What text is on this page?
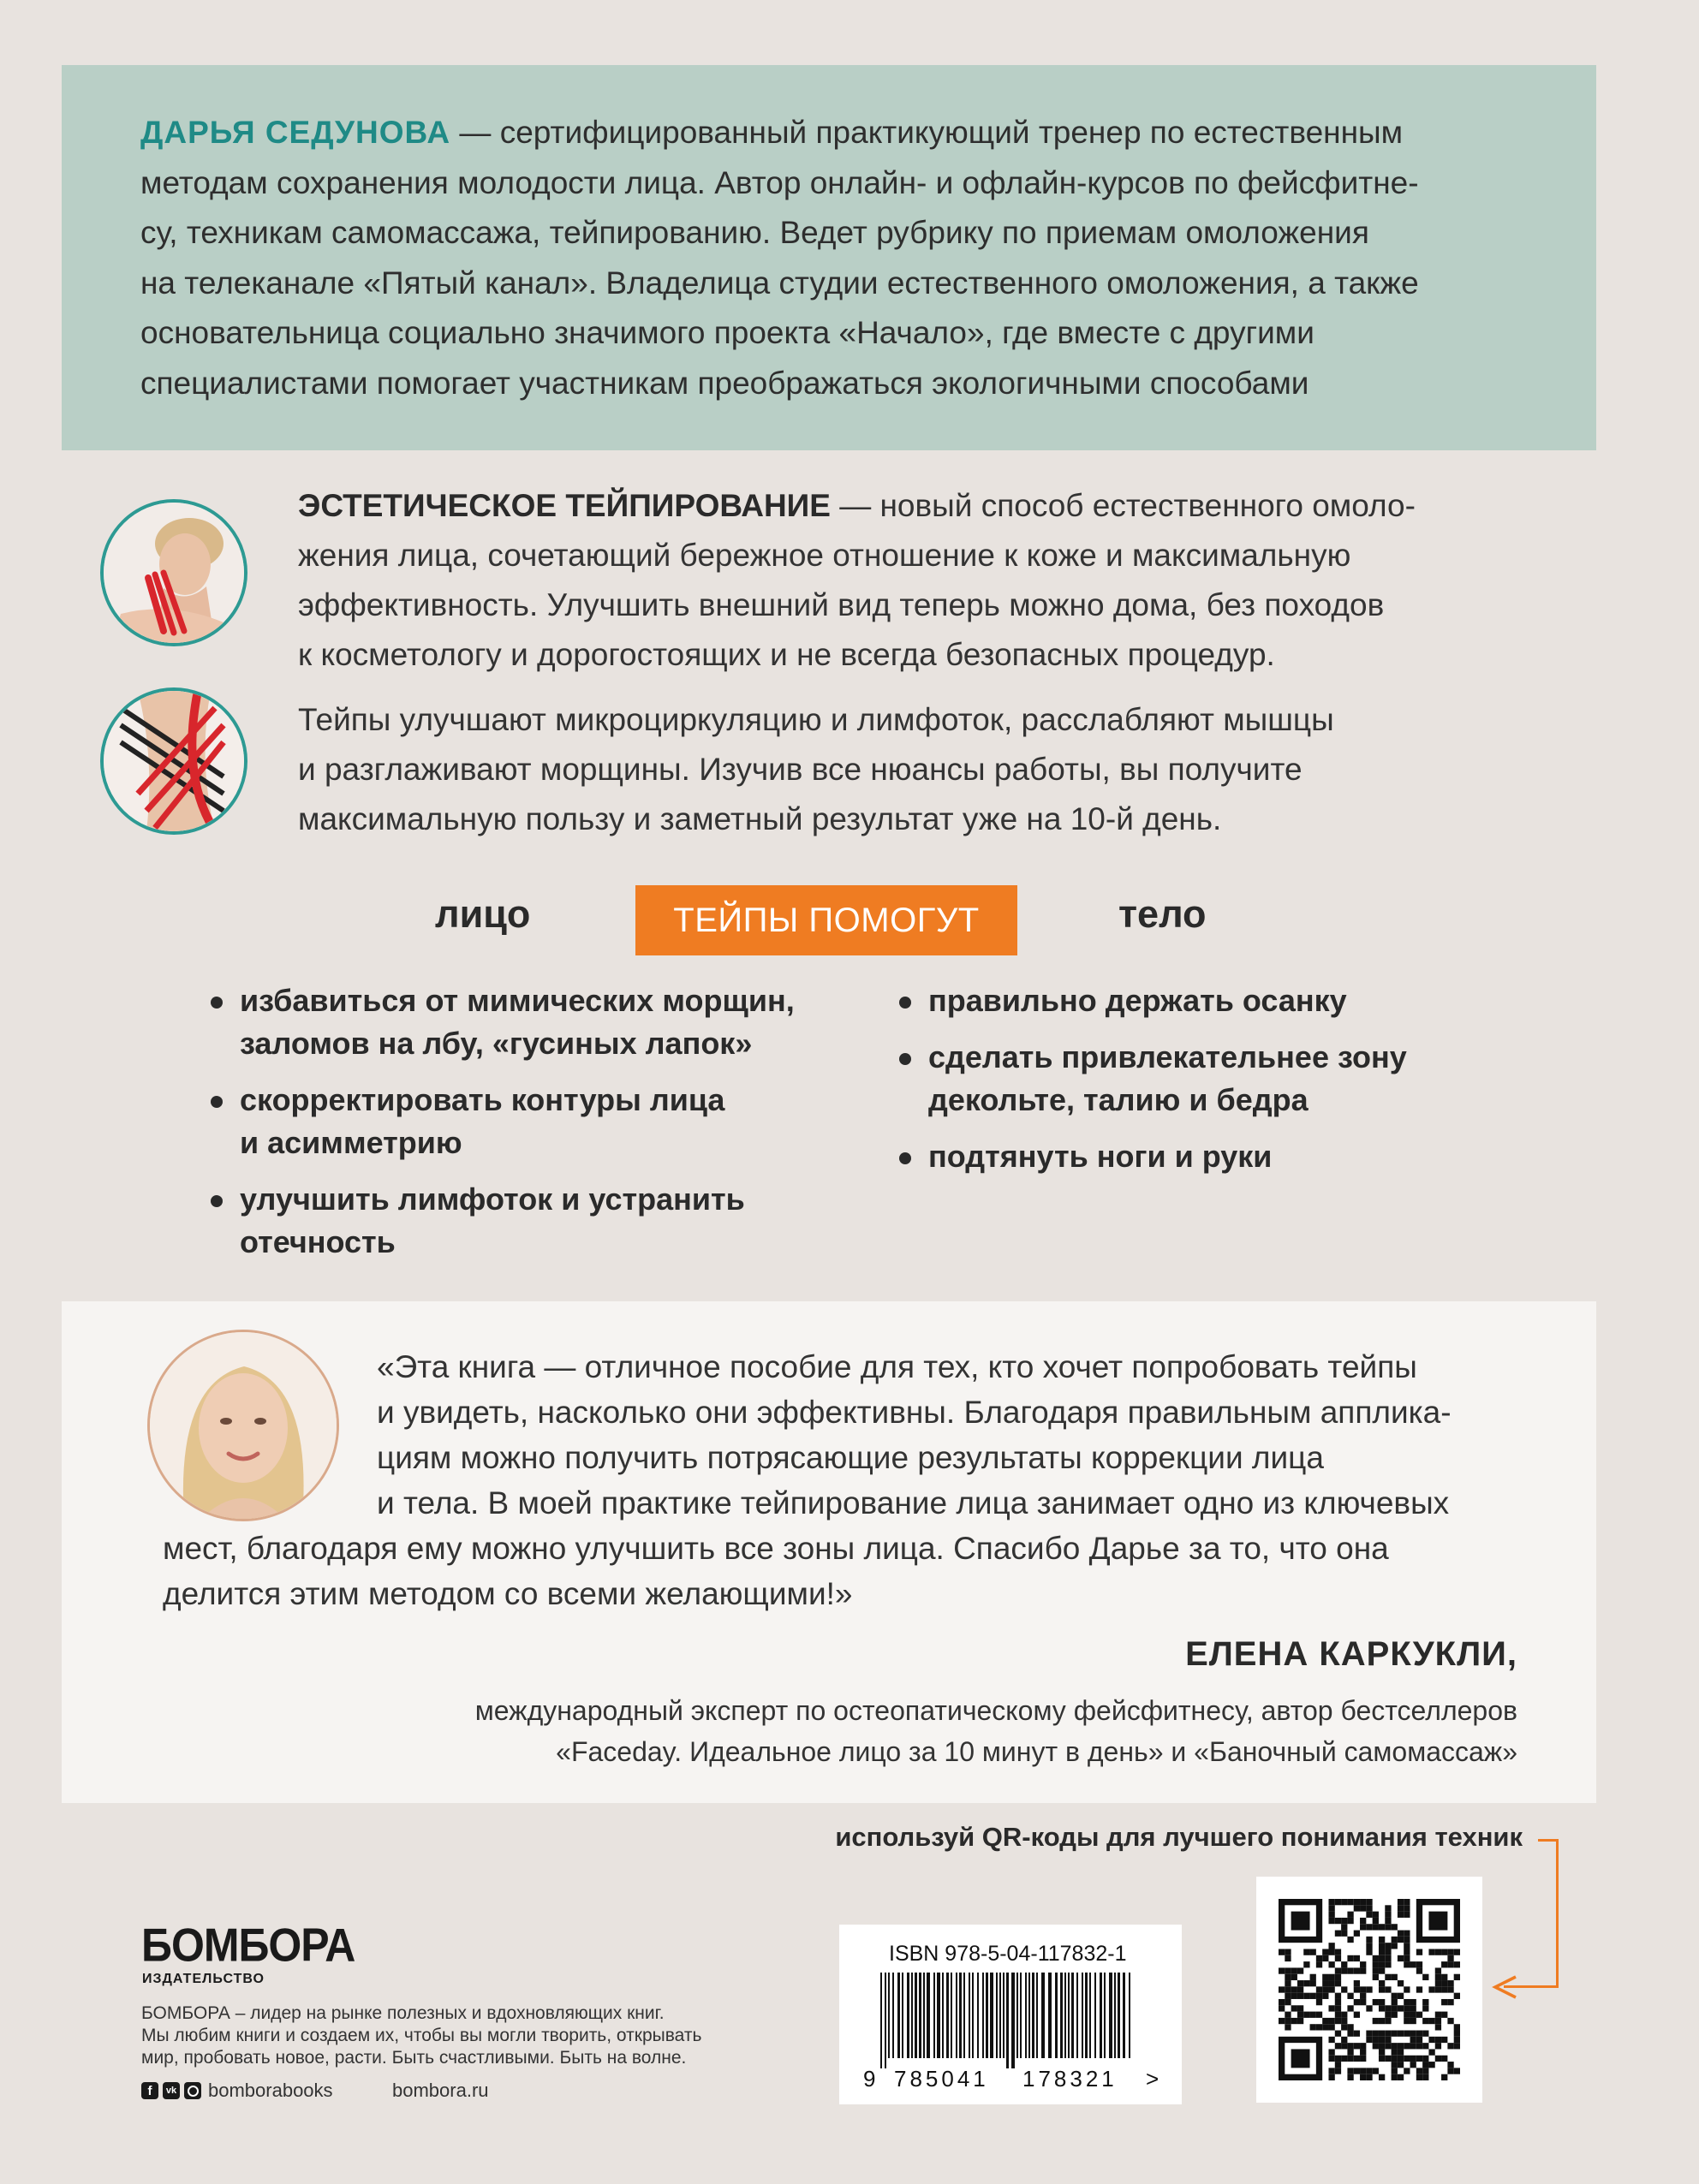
ДАРЬЯ СЕДУНОВА — сертифицированный практикующий тренер по естественным
методам сохранения молодости лица. Автор онлайн- и офлайн-курсов по фейсфитне-
су, техникам самомассажа, тейпированию. Ведет рубрику по приемам омоложения
на телеканале «Пятый канал». Владелица студии естественного омоложения, а также
основательница социально значимого проекта «Начало», где вместе с другими
специалистами помогает участникам преображаться экологичными способами

ЭСТЕТИЧЕСКОЕ ТЕЙПИРОВАНИЕ — новый способ естественного омоло-
жения лица, сочетающий бережное отношение к коже и максимальную
эффективность. Улучшить внешний вид теперь можно дома, без походов
к косметологу и дорогостоящих и не всегда безопасных процедур.

Тейпы улучшают микроциркуляцию и лимфоток, расслабляют мышцы
и разглаживают морщины. Изучив все нюансы работы, вы получите
максимальную пользу и заметный результат уже на 10-й день.

лицо	ТЕЙПЫ ПОМОГУТ	тело
избавиться от мимических морщин,
заломов на лбу, «гусиных лапок»
скорректировать контуры лица
и асимметрию
улучшить лимфоток и устранить
отечность
правильно держать осанку
сделать привлекательнее зону
декольте, талию и бедра
подтянуть ноги и руки
«Эта книга — отличное пособие для тех, кто хочет попробовать тейпы
и увидеть, насколько они эффективны. Благодаря правильным апплика-
циям можно получить потрясающие результаты коррекции лица
и тела. В моей практике тейпирование лица занимает одно из ключевых
мест, благодаря ему можно улучшить все зоны лица. Спасибо Дарье за то, что она
делится этим методом со всеми желающими!»
ЕЛЕНА КАРКУКЛИ,
международный эксперт по остеопатическому фейсфитнесу, автор бестселлеров
«Faceday. Идеальное лицо за 10 минут в день» и «Баночный самомассаж»
используй QR-коды для лучшего понимания техник
БОМБОРА
ИЗДАТЕЛЬСТВО
БОМБОРА – лидер на рынке полезных и вдохновляющих книг.
Мы любим книги и создаем их, чтобы вы могли творить, открывать
мир, пробовать новое, расти. Быть счастливыми. Быть на волне.
f	vk bomborabooks	bombora.ru
ISBN 978-5-04-117832-1
9 785041 178321 >
